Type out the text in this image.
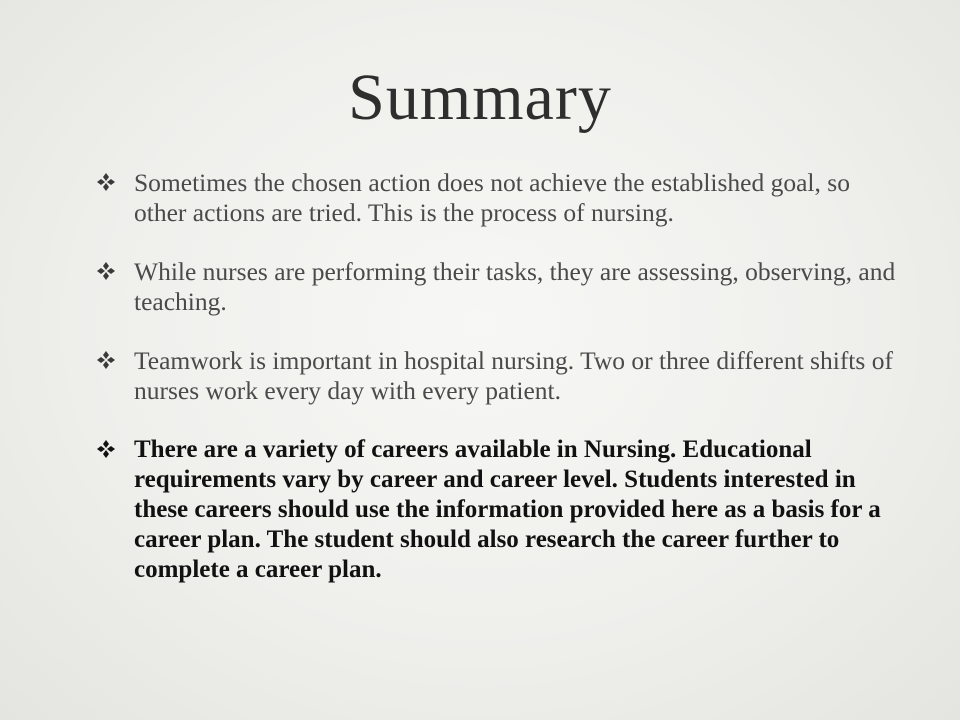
Summary
Sometimes the chosen action does not achieve the established goal, so other actions are tried. This is the process of nursing.
While nurses are performing their tasks, they are assessing, observing, and teaching.
Teamwork is important in hospital nursing. Two or three different shifts of nurses work every day with every patient.
There are a variety of careers available in Nursing. Educational requirements vary by career and career level. Students interested in these careers should use the information provided here as a basis for a career plan. The student should also research the career further to complete a career plan.
